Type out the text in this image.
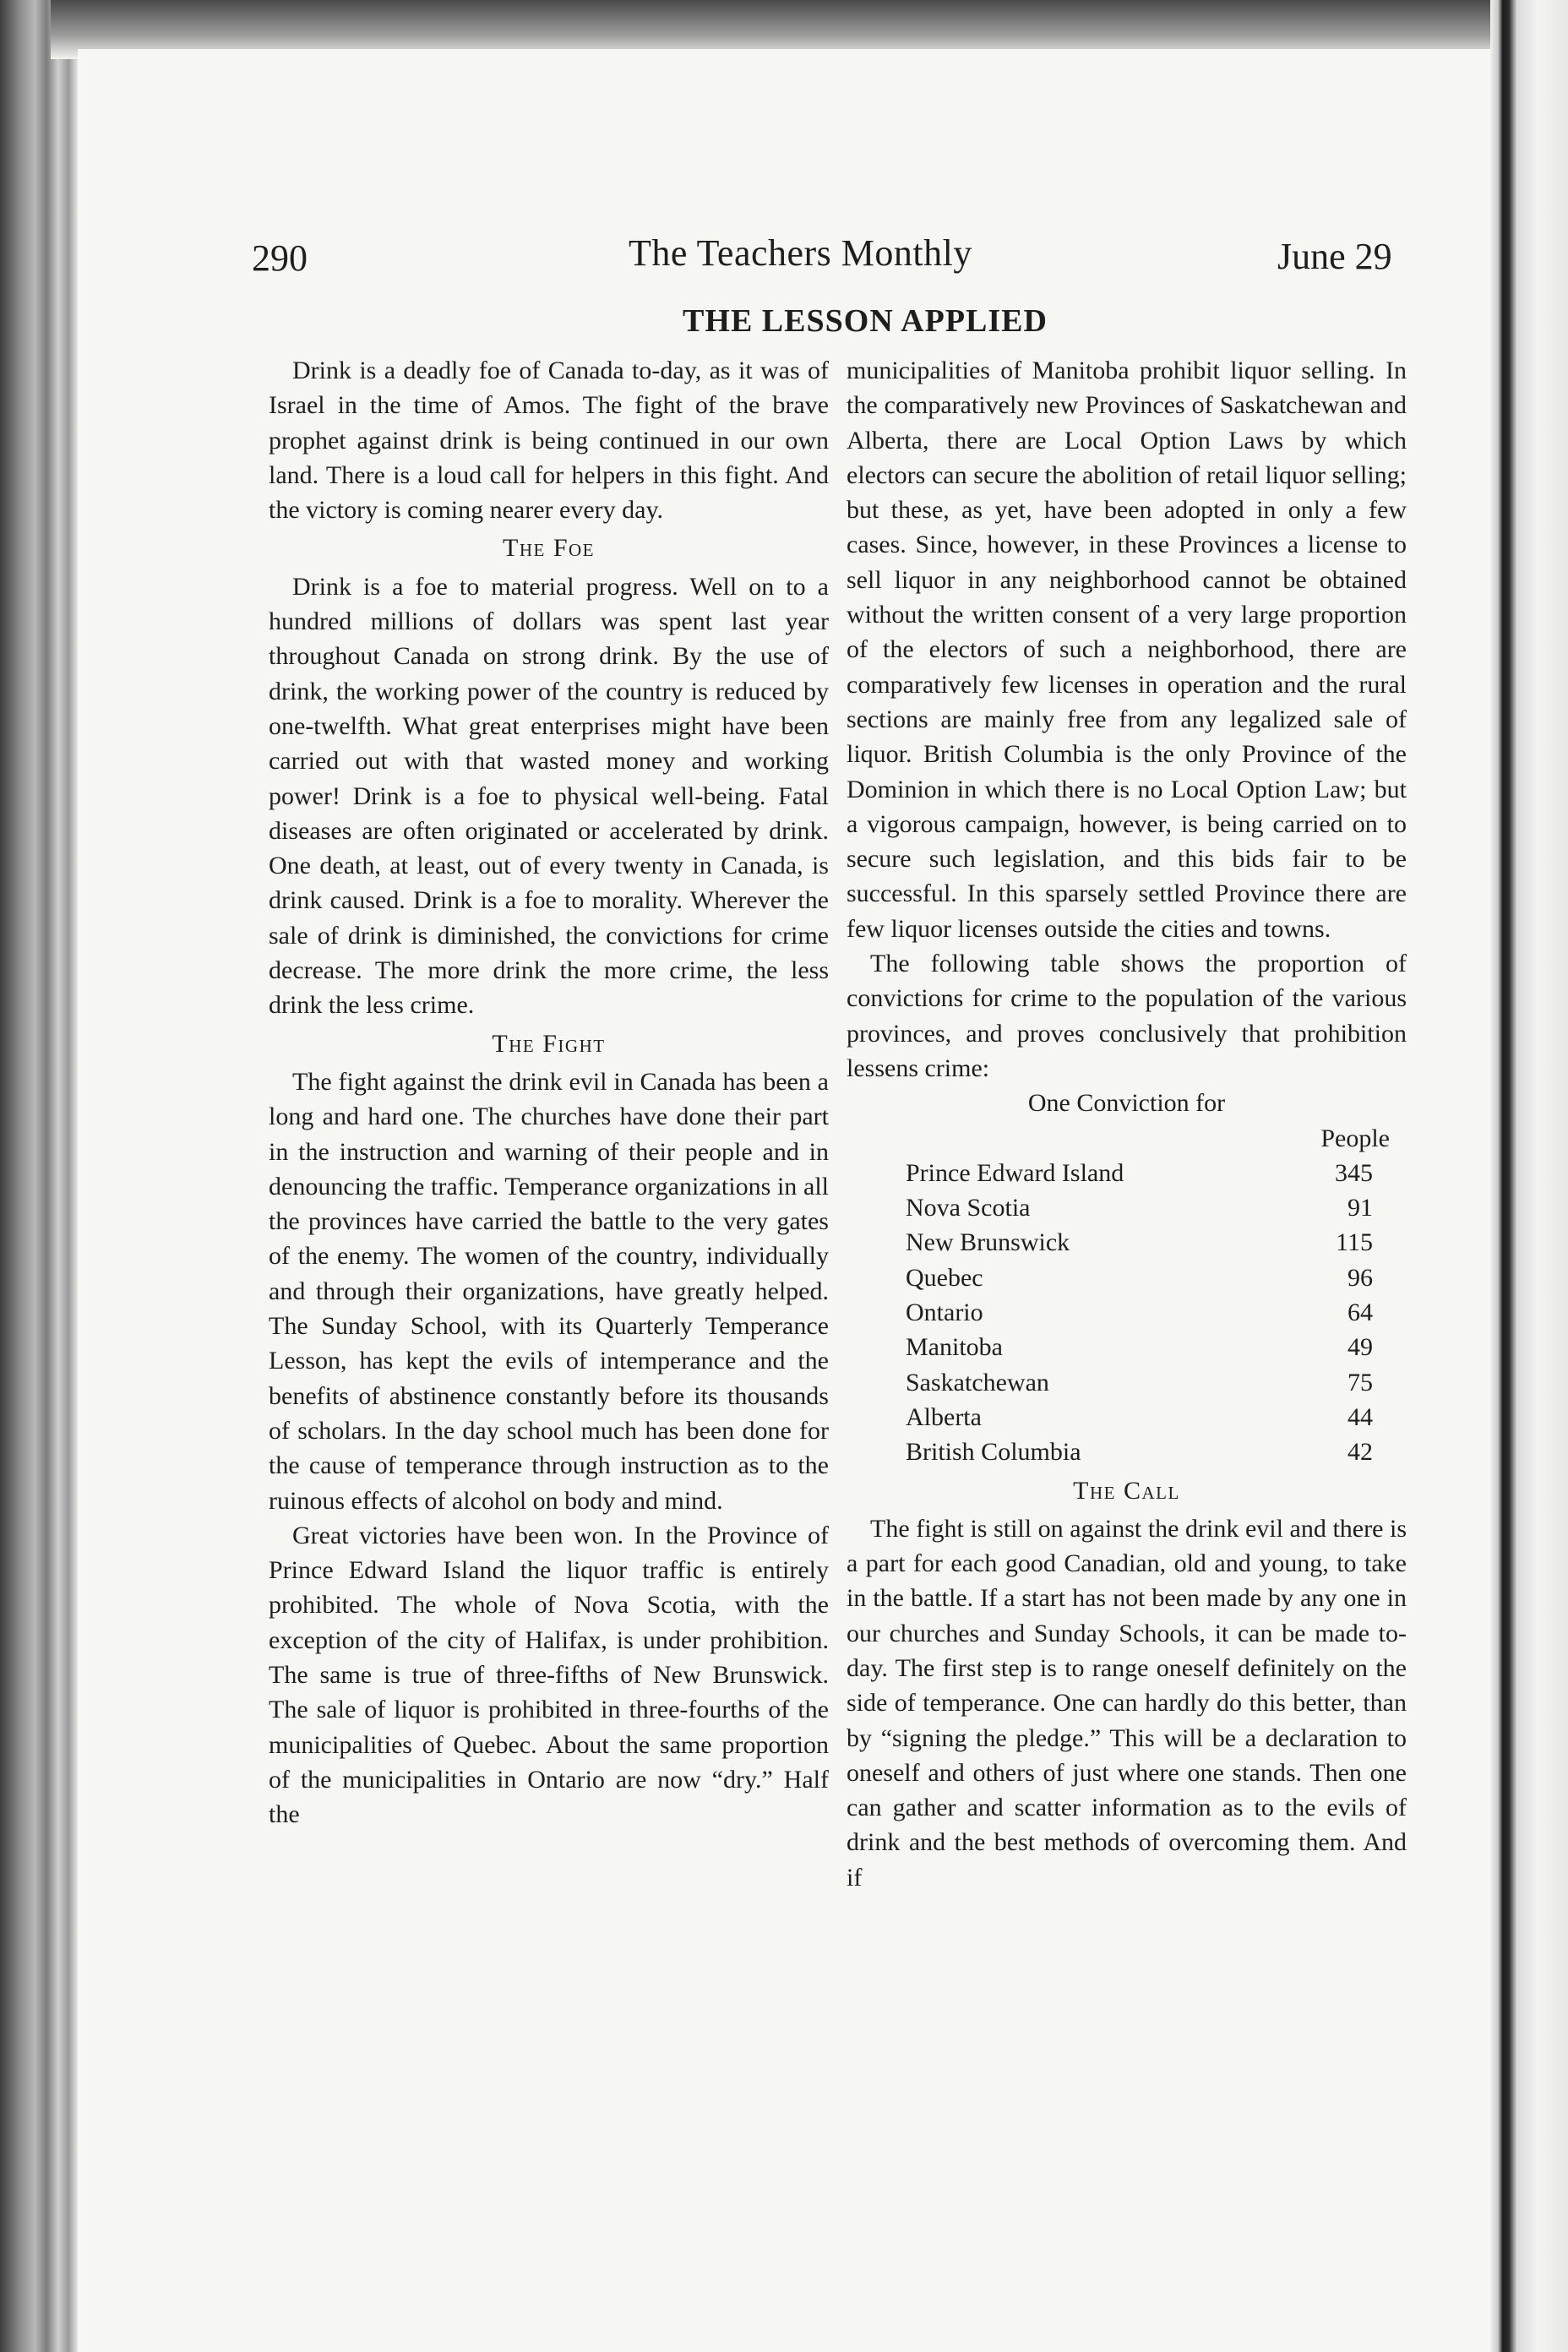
290	The Teachers Monthly	June 29
THE LESSON APPLIED

Drink is a deadly foe of Canada to-day, as it was of Israel in the time of Amos. The fight of the brave prophet against drink is being continued in our own land. There is a loud call for helpers in this fight. And the victory is coming nearer every day.

The Foe

Drink is a foe to material progress. Well on to a hundred millions of dollars was spent last year throughout Canada on strong drink. By the use of drink, the working power of the country is reduced by one-twelfth. What great enterprises might have been carried out with that wasted money and working power! Drink is a foe to physical well-being. Fatal diseases are often originated or accelerated by drink. One death, at least, out of every twenty in Canada, is drink caused. Drink is a foe to morality. Wherever the sale of drink is diminished, the convictions for crime decrease. The more drink the more crime, the less drink the less crime.

The Fight

The fight against the drink evil in Canada has been a long and hard one. The churches have done their part in the instruction and warning of their people and in denouncing the traffic. Temperance organizations in all the provinces have carried the battle to the very gates of the enemy. The women of the country, individually and through their organizations, have greatly helped. The Sunday School, with its Quarterly Temperance Lesson, has kept the evils of intemperance and the benefits of abstinence constantly before its thousands of scholars. In the day school much has been done for the cause of temperance through instruction as to the ruinous effects of alcohol on body and mind.

Great victories have been won. In the Province of Prince Edward Island the liquor traffic is entirely prohibited. The whole of Nova Scotia, with the exception of the city of Halifax, is under prohibition. The same is true of three-fifths of New Brunswick. The sale of liquor is prohibited in three-fourths of the municipalities of Quebec. About the same proportion of the municipalities in Ontario are now “dry.” Half the

municipalities of Manitoba prohibit liquor selling. In the comparatively new Provinces of Saskatchewan and Alberta, there are Local Option Laws by which electors can secure the abolition of retail liquor selling; but these, as yet, have been adopted in only a few cases. Since, however, in these Provinces a license to sell liquor in any neighborhood cannot be obtained without the written consent of a very large proportion of the electors of such a neighborhood, there are comparatively few licenses in operation and the rural sections are mainly free from any legalized sale of liquor. British Columbia is the only Province of the Dominion in which there is no Local Option Law; but a vigorous campaign, however, is being carried on to secure such legislation, and this bids fair to be successful. In this sparsely settled Province there are few liquor licenses outside the cities and towns.

The following table shows the proportion of convictions for crime to the population of the various provinces, and proves conclusively that prohibition lessens crime:

One Conviction for

	People
Prince Edward Island	345
Nova Scotia	91
New Brunswick	115
Quebec	96
Ontario	64
Manitoba	49
Saskatchewan	75
Alberta	44
British Columbia	42
The Call

The fight is still on against the drink evil and there is a part for each good Canadian, old and young, to take in the battle. If a start has not been made by any one in our churches and Sunday Schools, it can be made to-day. The first step is to range oneself definitely on the side of temperance. One can hardly do this better, than by “signing the pledge.” This will be a declaration to oneself and others of just where one stands. Then one can gather and scatter information as to the evils of drink and the best methods of overcoming them. And if
